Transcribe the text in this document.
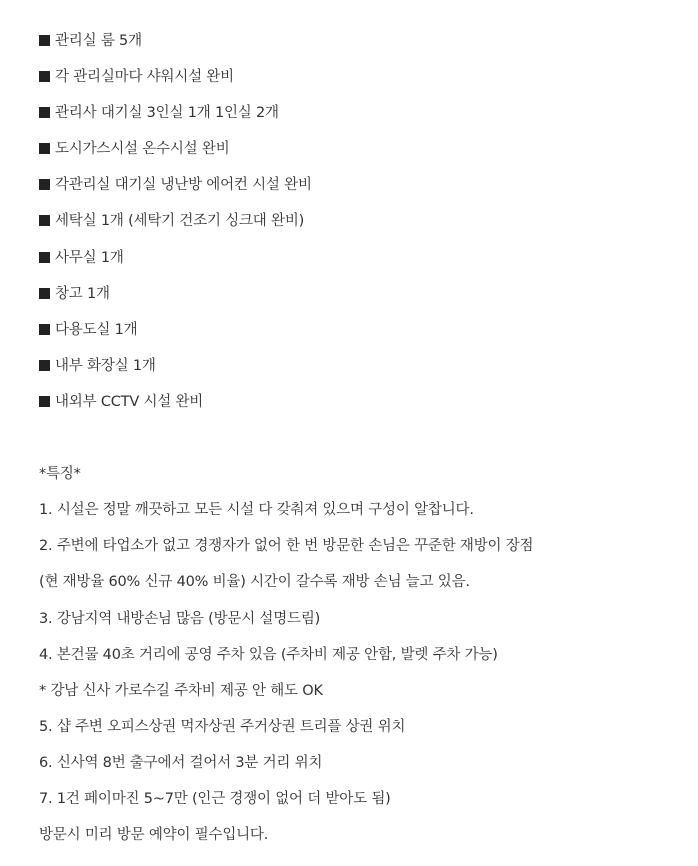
관리실 룸 5개
각 관리실마다 샤워시설 완비
관리사 대기실 3인실 1개 1인실 2개
도시가스시설 온수시설 완비
각관리실 대기실 냉난방 에어컨 시설 완비
세탁실 1개 (세탁기 건조기 싱크대 완비)
사무실 1개
창고 1개
다용도실 1개
내부 화장실 1개
내외부 CCTV 시설 완비
*특징*
1. 시설은 정말 깨끗하고 모든 시설 다 갖춰져 있으며 구성이 알찹니다.
2. 주변에 타업소가 없고 경쟁자가 없어 한 번 방문한 손님은 꾸준한 재방이 장점
(현 재방율 60% 신규 40% 비율) 시간이 갈수록 재방 손님 늘고 있음.
3. 강남지역 내방손님 많음 (방문시 설명드림)
4. 본건물 40초 거리에 공영 주차 있음 (주차비 제공 안함, 발렛 주차 가능)
* 강남 신사 가로수길 주차비 제공 안 해도 OK
5. 샵 주변 오피스상권 먹자상권 주거상권 트리플 상권 위치
6. 신사역 8번 출구에서 걸어서 3분 거리 위치
7. 1건 페이마진 5~7만 (인근 경쟁이 없어 더 받아도 됨)
방문시 미리 방문 예약이 필수입니다.
